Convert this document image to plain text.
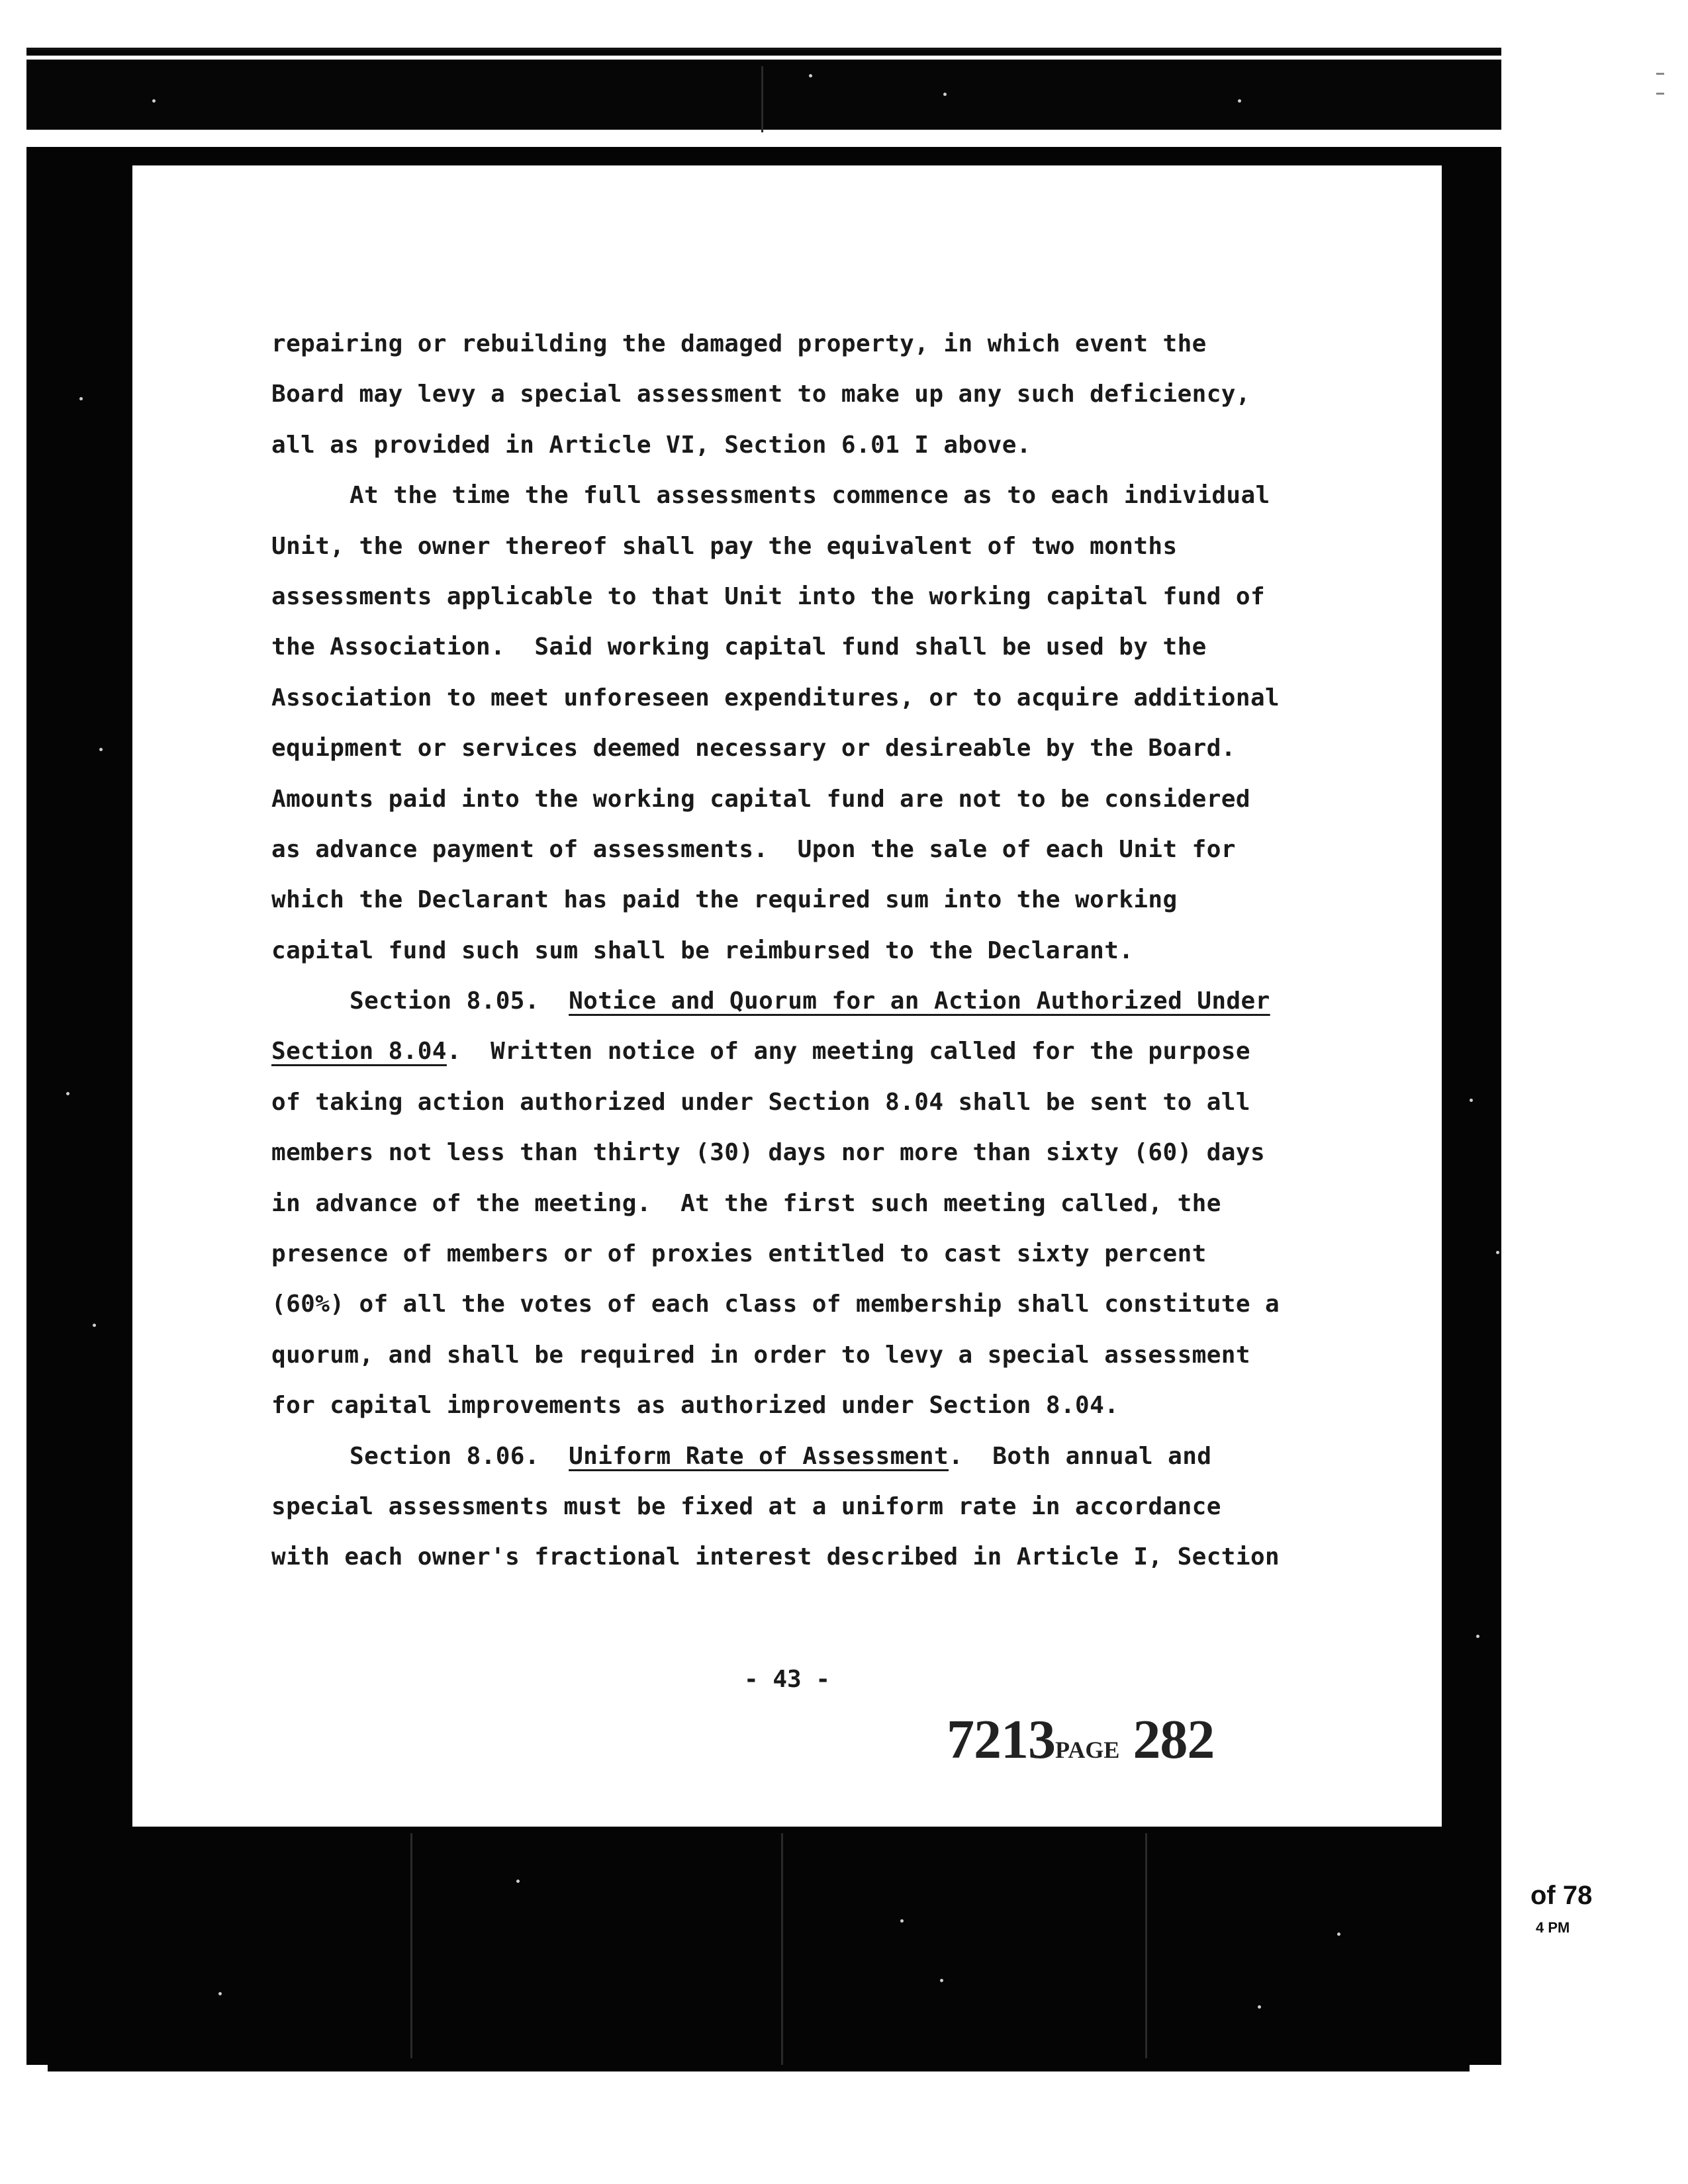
repairing or rebuilding the damaged property, in which event the
Board may levy a special assessment to make up any such deficiency,
all as provided in Article VI, Section 6.01 I above.
At the time the full assessments commence as to each individual
Unit, the owner thereof shall pay the equivalent of two months
assessments applicable to that Unit into the working capital fund of
the Association.  Said working capital fund shall be used by the
Association to meet unforeseen expenditures, or to acquire additional
equipment or services deemed necessary or desireable by the Board.
Amounts paid into the working capital fund are not to be considered
as advance payment of assessments.  Upon the sale of each Unit for
which the Declarant has paid the required sum into the working
capital fund such sum shall be reimbursed to the Declarant.
Section 8.05.  Notice and Quorum for an Action Authorized Under
Section 8.04.  Written notice of any meeting called for the purpose
of taking action authorized under Section 8.04 shall be sent to all
members not less than thirty (30) days nor more than sixty (60) days
in advance of the meeting.  At the first such meeting called, the
presence of members or of proxies entitled to cast sixty percent
(60%) of all the votes of each class of membership shall constitute a
quorum, and shall be required in order to levy a special assessment
for capital improvements as authorized under Section 8.04.
Section 8.06.  Uniform Rate of Assessment.  Both annual and
special assessments must be fixed at a uniform rate in accordance
with each owner's fractional interest described in Article I, Section
- 43 -
7213PAGE 282
of 78
4 PM
